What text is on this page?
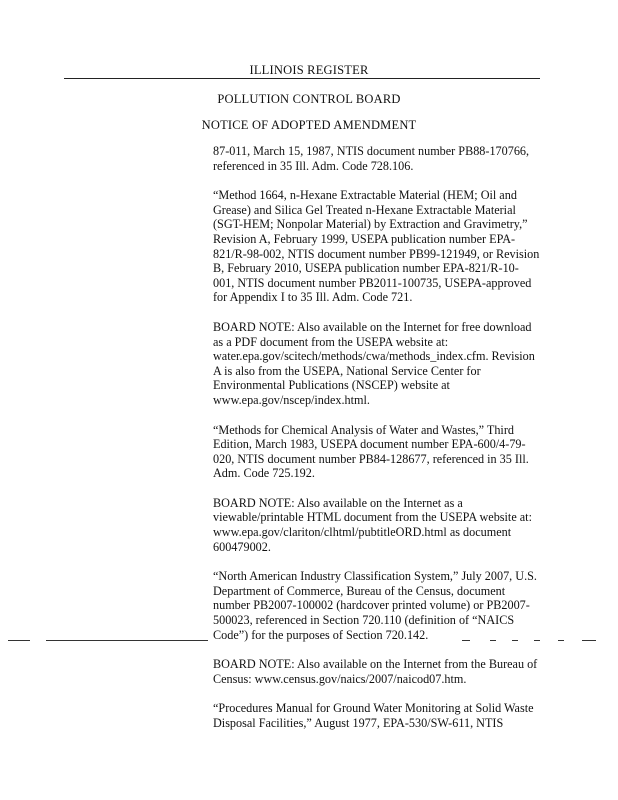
ILLINOIS REGISTER
POLLUTION CONTROL BOARD
NOTICE OF ADOPTED AMENDMENT

87-011, March 15, 1987, NTIS document number PB88-170766,
referenced in 35 Ill. Adm. Code 728.106.

“Method 1664, n-Hexane Extractable Material (HEM; Oil and
Grease) and Silica Gel Treated n-Hexane Extractable Material
(SGT-HEM; Nonpolar Material) by Extraction and Gravimetry,”
Revision A, February 1999, USEPA publication number EPA-
821/R-98-002, NTIS document number PB99-121949, or Revision
B, February 2010, USEPA publication number EPA-821/R-10-
001, NTIS document number PB2011-100735, USEPA-approved
for Appendix I to 35 Ill. Adm. Code 721.

BOARD NOTE: Also available on the Internet for free download
as a PDF document from the USEPA website at:
water.epa.gov/scitech/methods/cwa/methods_index.cfm. Revision
A is also from the USEPA, National Service Center for
Environmental Publications (NSCEP) website at
www.epa.gov/nscep/index.html.

“Methods for Chemical Analysis of Water and Wastes,” Third
Edition, March 1983, USEPA document number EPA-600/4-79-
020, NTIS document number PB84-128677, referenced in 35 Ill.
Adm. Code 725.192.

BOARD NOTE: Also available on the Internet as a
viewable/printable HTML document from the USEPA website at:
www.epa.gov/clariton/clhtml/pubtitleORD.html as document
600479002.

“North American Industry Classification System,” July 2007, U.S.
Department of Commerce, Bureau of the Census, document
number PB2007-100002 (hardcover printed volume) or PB2007-
500023, referenced in Section 720.110 (definition of “NAICS
Code”) for the purposes of Section 720.142.

BOARD NOTE: Also available on the Internet from the Bureau of
Census: www.census.gov/naics/2007/naicod07.htm.

“Procedures Manual for Ground Water Monitoring at Solid Waste
Disposal Facilities,” August 1977, EPA-530/SW-611, NTIS
